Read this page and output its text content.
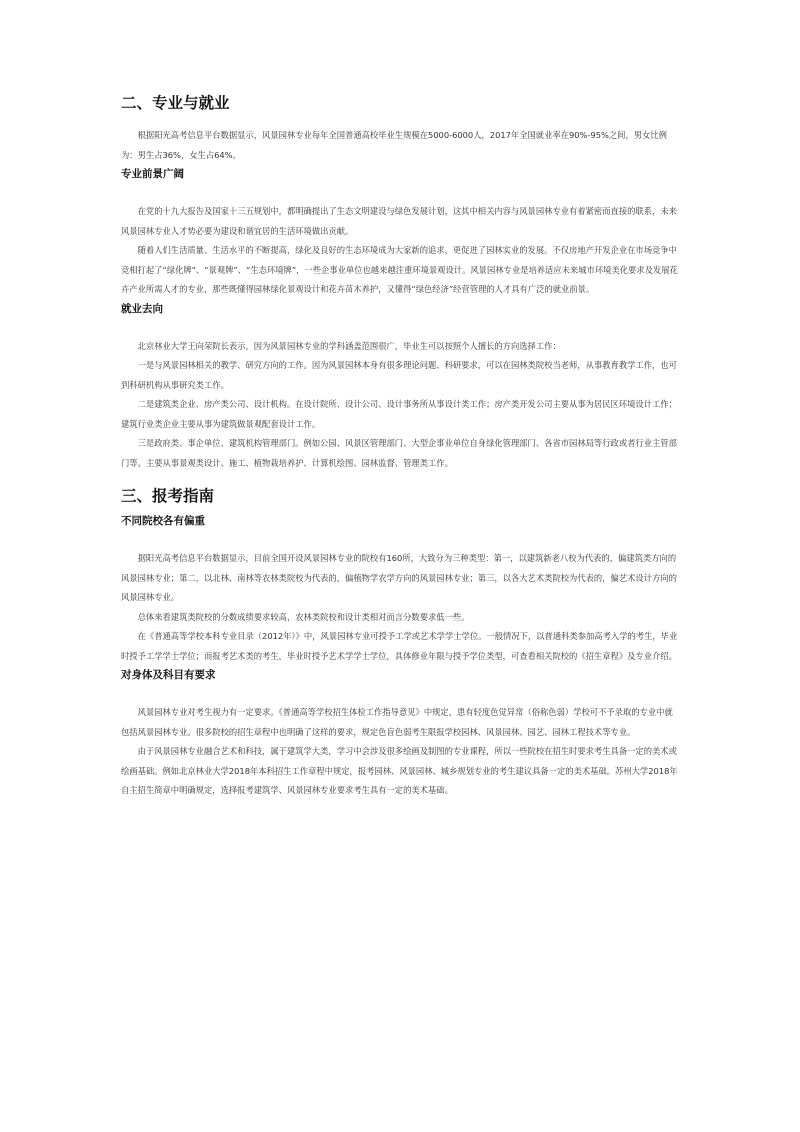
二、专业与就业

根据阳光高考信息平台数据显示，风景园林专业每年全国普通高校毕业生规模在5000-6000人，2017年全国就业率在90%-95%之间，男女比例为：男生占36%，女生占64%。

专业前景广阔

在党的十九大报告及国家十三五规划中，都明确提出了生态文明建设与绿色发展计划，这其中相关内容与风景园林专业有着紧密而直接的联系，未来风景园林专业人才势必要为建设和谐宜居的生活环境做出贡献。

随着人们生活质量、生活水平的不断提高，绿化及良好的生态环境成为大家新的追求，更促进了园林实业的发展。不仅房地产开发企业在市场竞争中竞相打起了“绿化牌”、“景观牌”、“生态环境牌”，一些企事业单位也越来越注重环境景观设计。风景园林专业是培养适应未来城市环境美化要求及发展花卉产业所需人才的专业，那些既懂得园林绿化景观设计和花卉苗木养护，又懂得“绿色经济”经营管理的人才具有广泛的就业前景。

就业去向

北京林业大学王向荣院长表示，因为风景园林专业的学科涵盖范围很广，毕业生可以按照个人擅长的方向选择工作：

一是与风景园林相关的教学、研究方向的工作。因为风景园林本身有很多理论问题、科研要求，可以在园林类院校当老师，从事教育教学工作，也可到科研机构从事研究类工作。

二是建筑类企业、房产类公司、设计机构。在设计院所、设计公司、设计事务所从事设计类工作；房产类开发公司主要从事为居民区环境设计工作；建筑行业类企业主要从事为建筑做景观配套设计工作。

三是政府类、事企单位、建筑机构管理部门。例如公园、风景区管理部门、大型企事业单位自身绿化管理部门、各省市园林局等行政或者行业主管部门等。主要从事景观类设计、施工、植物栽培养护、计算机绘图、园林监督、管理类工作。

三、报考指南
不同院校各有偏重

据阳光高考信息平台数据显示，目前全国开设风景园林专业的院校有160所，大致分为三种类型：第一，以建筑新老八校为代表的，偏建筑类方向的风景园林专业；第二，以北林、南林等农林类院校为代表的，偏植物学农学方向的风景园林专业；第三，以各大艺术类院校为代表的，偏艺术设计方向的风景园林专业。

总体来看建筑类院校的分数成绩要求较高，农林类院校和设计类相对而言分数要求低一些。

在《普通高等学校本科专业目录（2012年）》中，风景园林专业可授予工学或艺术学学士学位。一般情况下，以普通科类参加高考入学的考生，毕业时授予工学学士学位；而报考艺术类的考生，毕业时授予艺术学学士学位，具体修业年限与授予学位类型，可查看相关院校的《招生章程》及专业介绍。

对身体及科目有要求

风景园林专业对考生视力有一定要求。《普通高等学校招生体检工作指导意见》中规定，患有轻度色觉异常（俗称色弱）学校可不予录取的专业中就包括风景园林专业。很多院校的招生章程中也明确了这样的要求，规定色盲色弱考生限报学校园林、风景园林、园艺、园林工程技术等专业。

由于风景园林专业融合艺术和科技，属于建筑学大类，学习中会涉及很多绘画及制图的专业课程，所以一些院校在招生时要求考生具备一定的美术或绘画基础。例如北京林业大学2018年本科招生工作章程中规定，报考园林、风景园林、城乡规划专业的考生建议具备一定的美术基础。苏州大学2018年自主招生简章中明确规定，选择报考建筑学、风景园林专业要求考生具有一定的美术基础。
